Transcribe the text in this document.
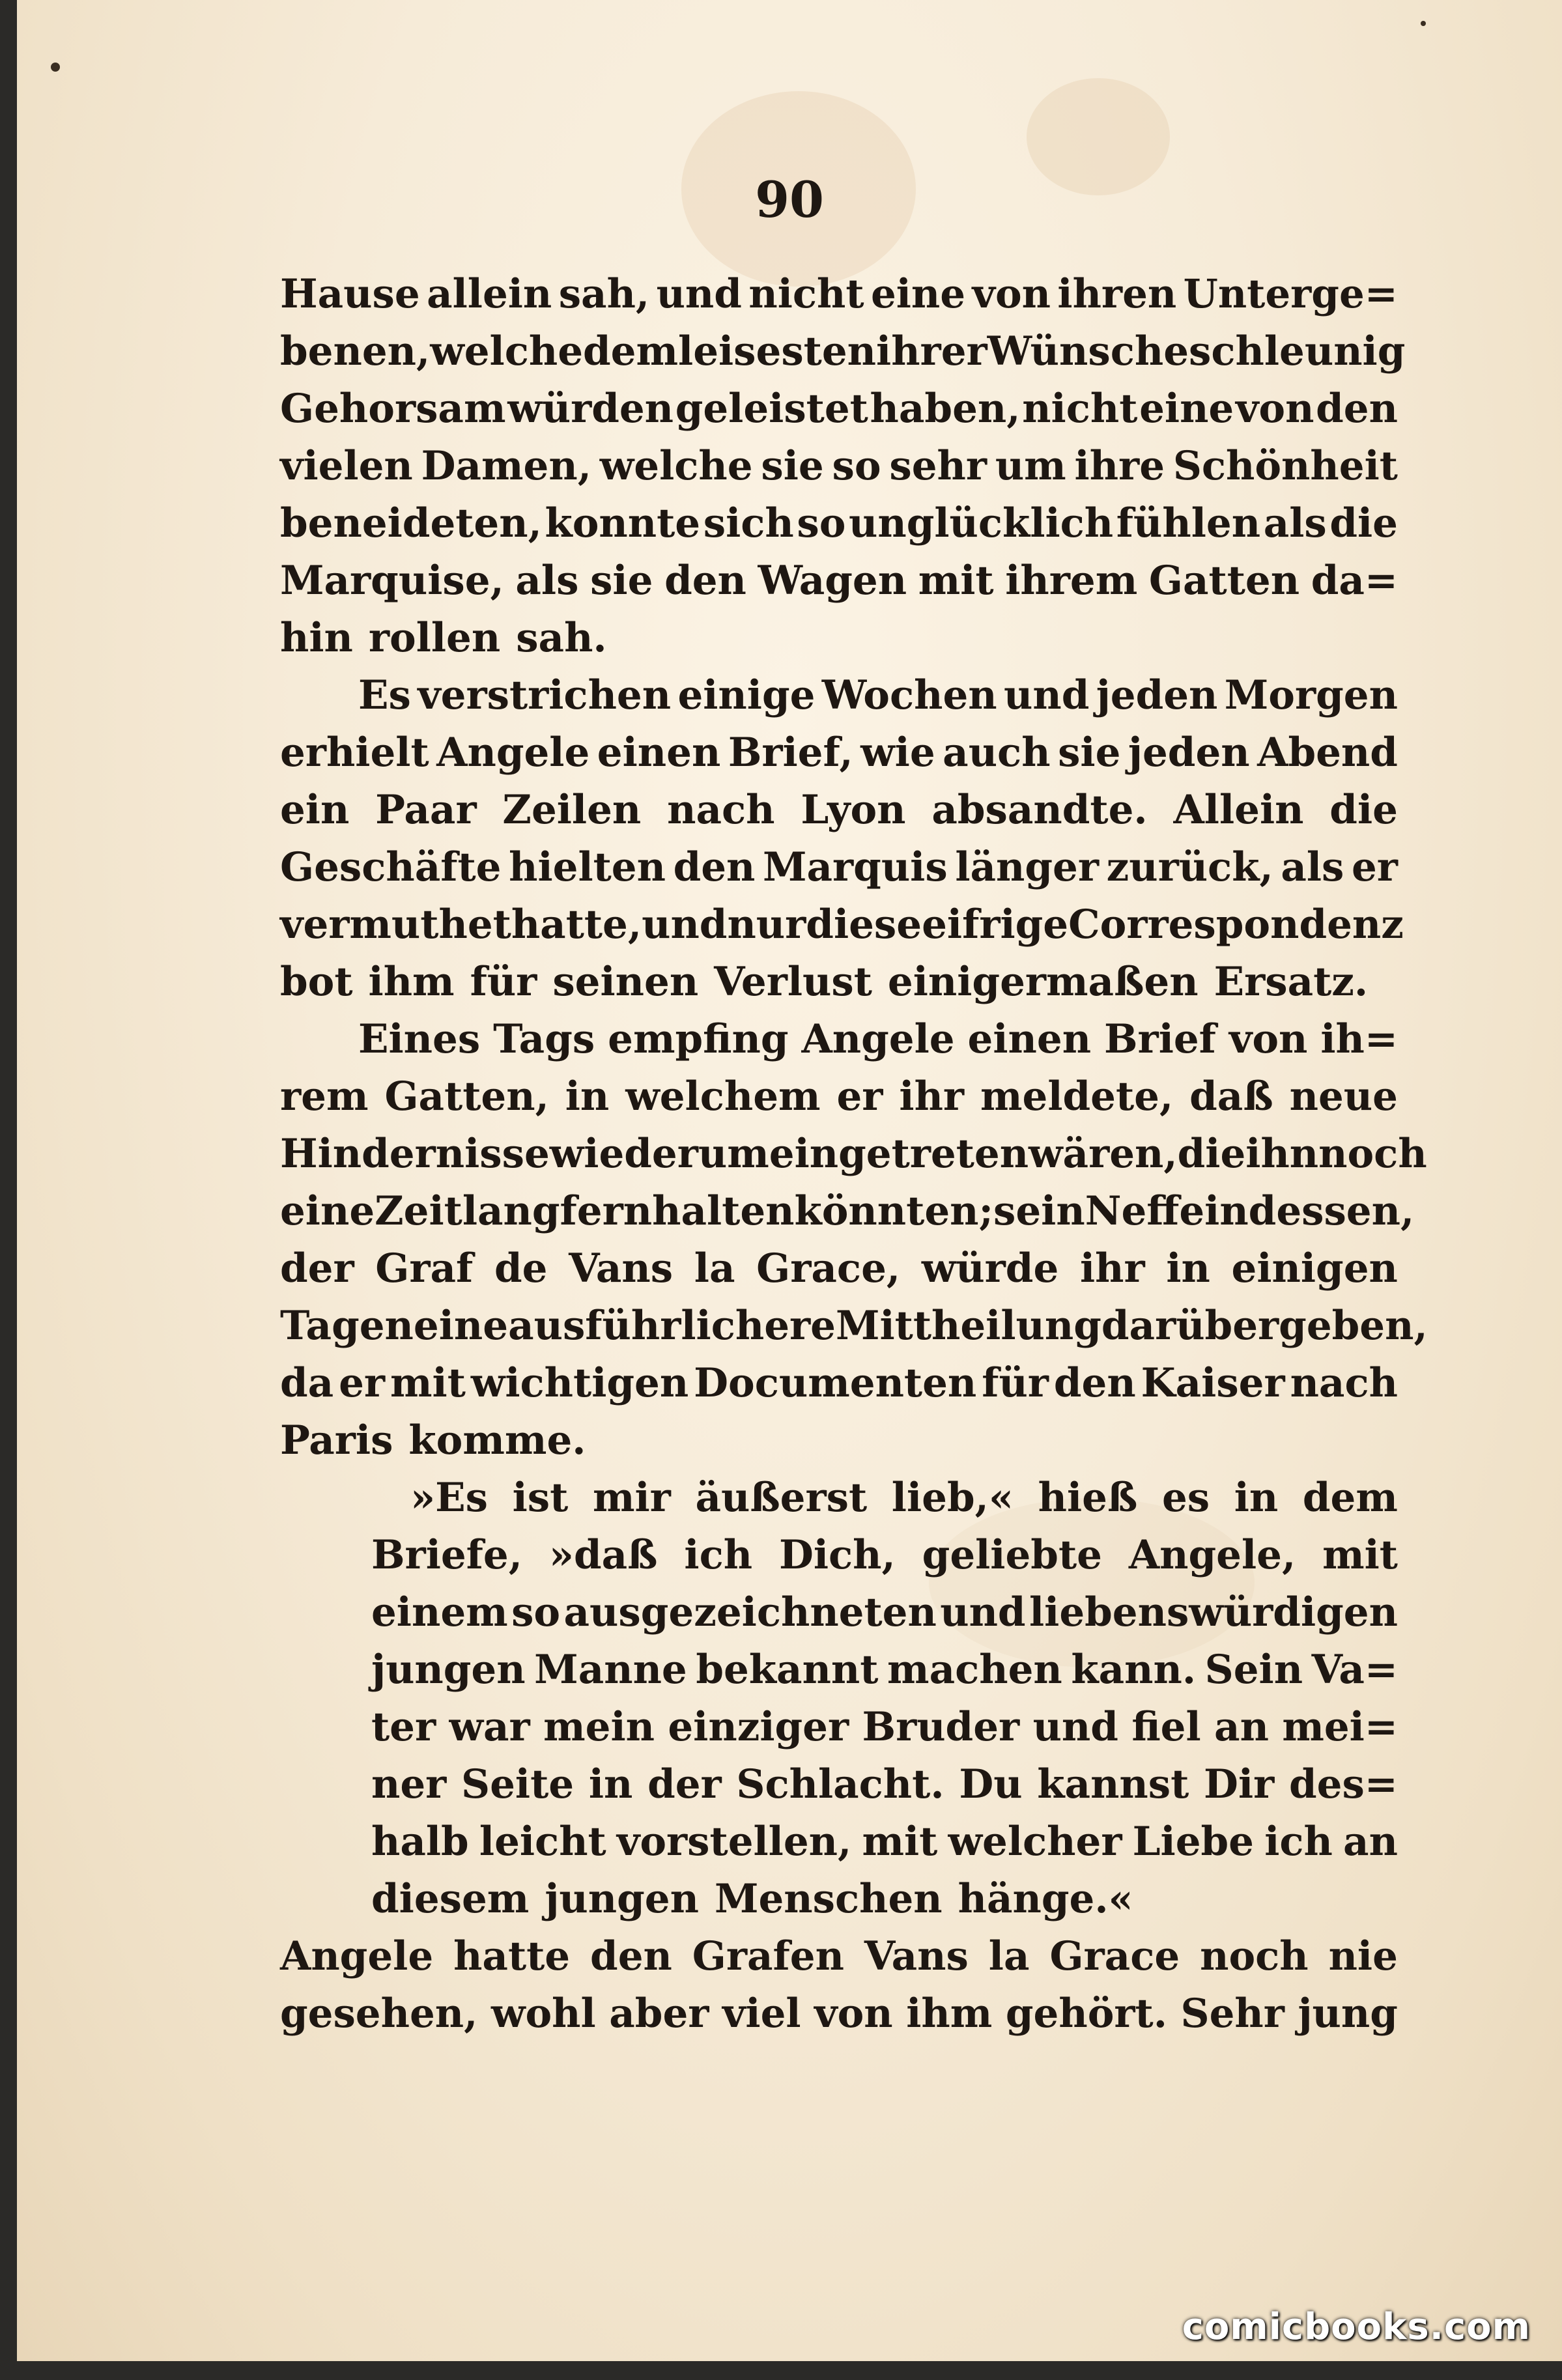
90
Hause allein sah, und nicht eine von ihren Unterge=
benen, welche dem leisesten ihrer Wünsche schleunig
Gehorsam würden geleistet haben, nicht eine von den
vielen Damen, welche sie so sehr um ihre Schönheit
beneideten, konnte sich so unglücklich fühlen als die
Marquise, als sie den Wagen mit ihrem Gatten da=
hin rollen sah.
Es verstrichen einige Wochen und jeden Morgen
erhielt Angele einen Brief, wie auch sie jeden Abend
ein Paar Zeilen nach Lyon absandte. Allein die
Geschäfte hielten den Marquis länger zurück, als er
vermuthet hatte, und nur diese eifrige Correspondenz
bot ihm für seinen Verlust einigermaßen Ersatz.
Eines Tags empfing Angele einen Brief von ih=
rem Gatten, in welchem er ihr meldete, daß neue
Hindernisse wiederum eingetreten wären, die ihn noch
eine Zeitlang fern halten könnten; sein Neffe indessen,
der Graf de Vans la Grace, würde ihr in einigen
Tagen eine ausführlichere Mittheilung darüber geben,
da er mit wichtigen Documenten für den Kaiser nach
Paris komme.
»Es ist mir äußerst lieb,« hieß es in dem
Briefe, »daß ich Dich, geliebte Angele, mit
einem so ausgezeichneten und liebenswürdigen
jungen Manne bekannt machen kann. Sein Va=
ter war mein einziger Bruder und fiel an mei=
ner Seite in der Schlacht. Du kannst Dir des=
halb leicht vorstellen, mit welcher Liebe ich an
diesem jungen Menschen hänge.«
Angele hatte den Grafen Vans la Grace noch nie
gesehen, wohl aber viel von ihm gehört. Sehr jung
comicbooks.com
